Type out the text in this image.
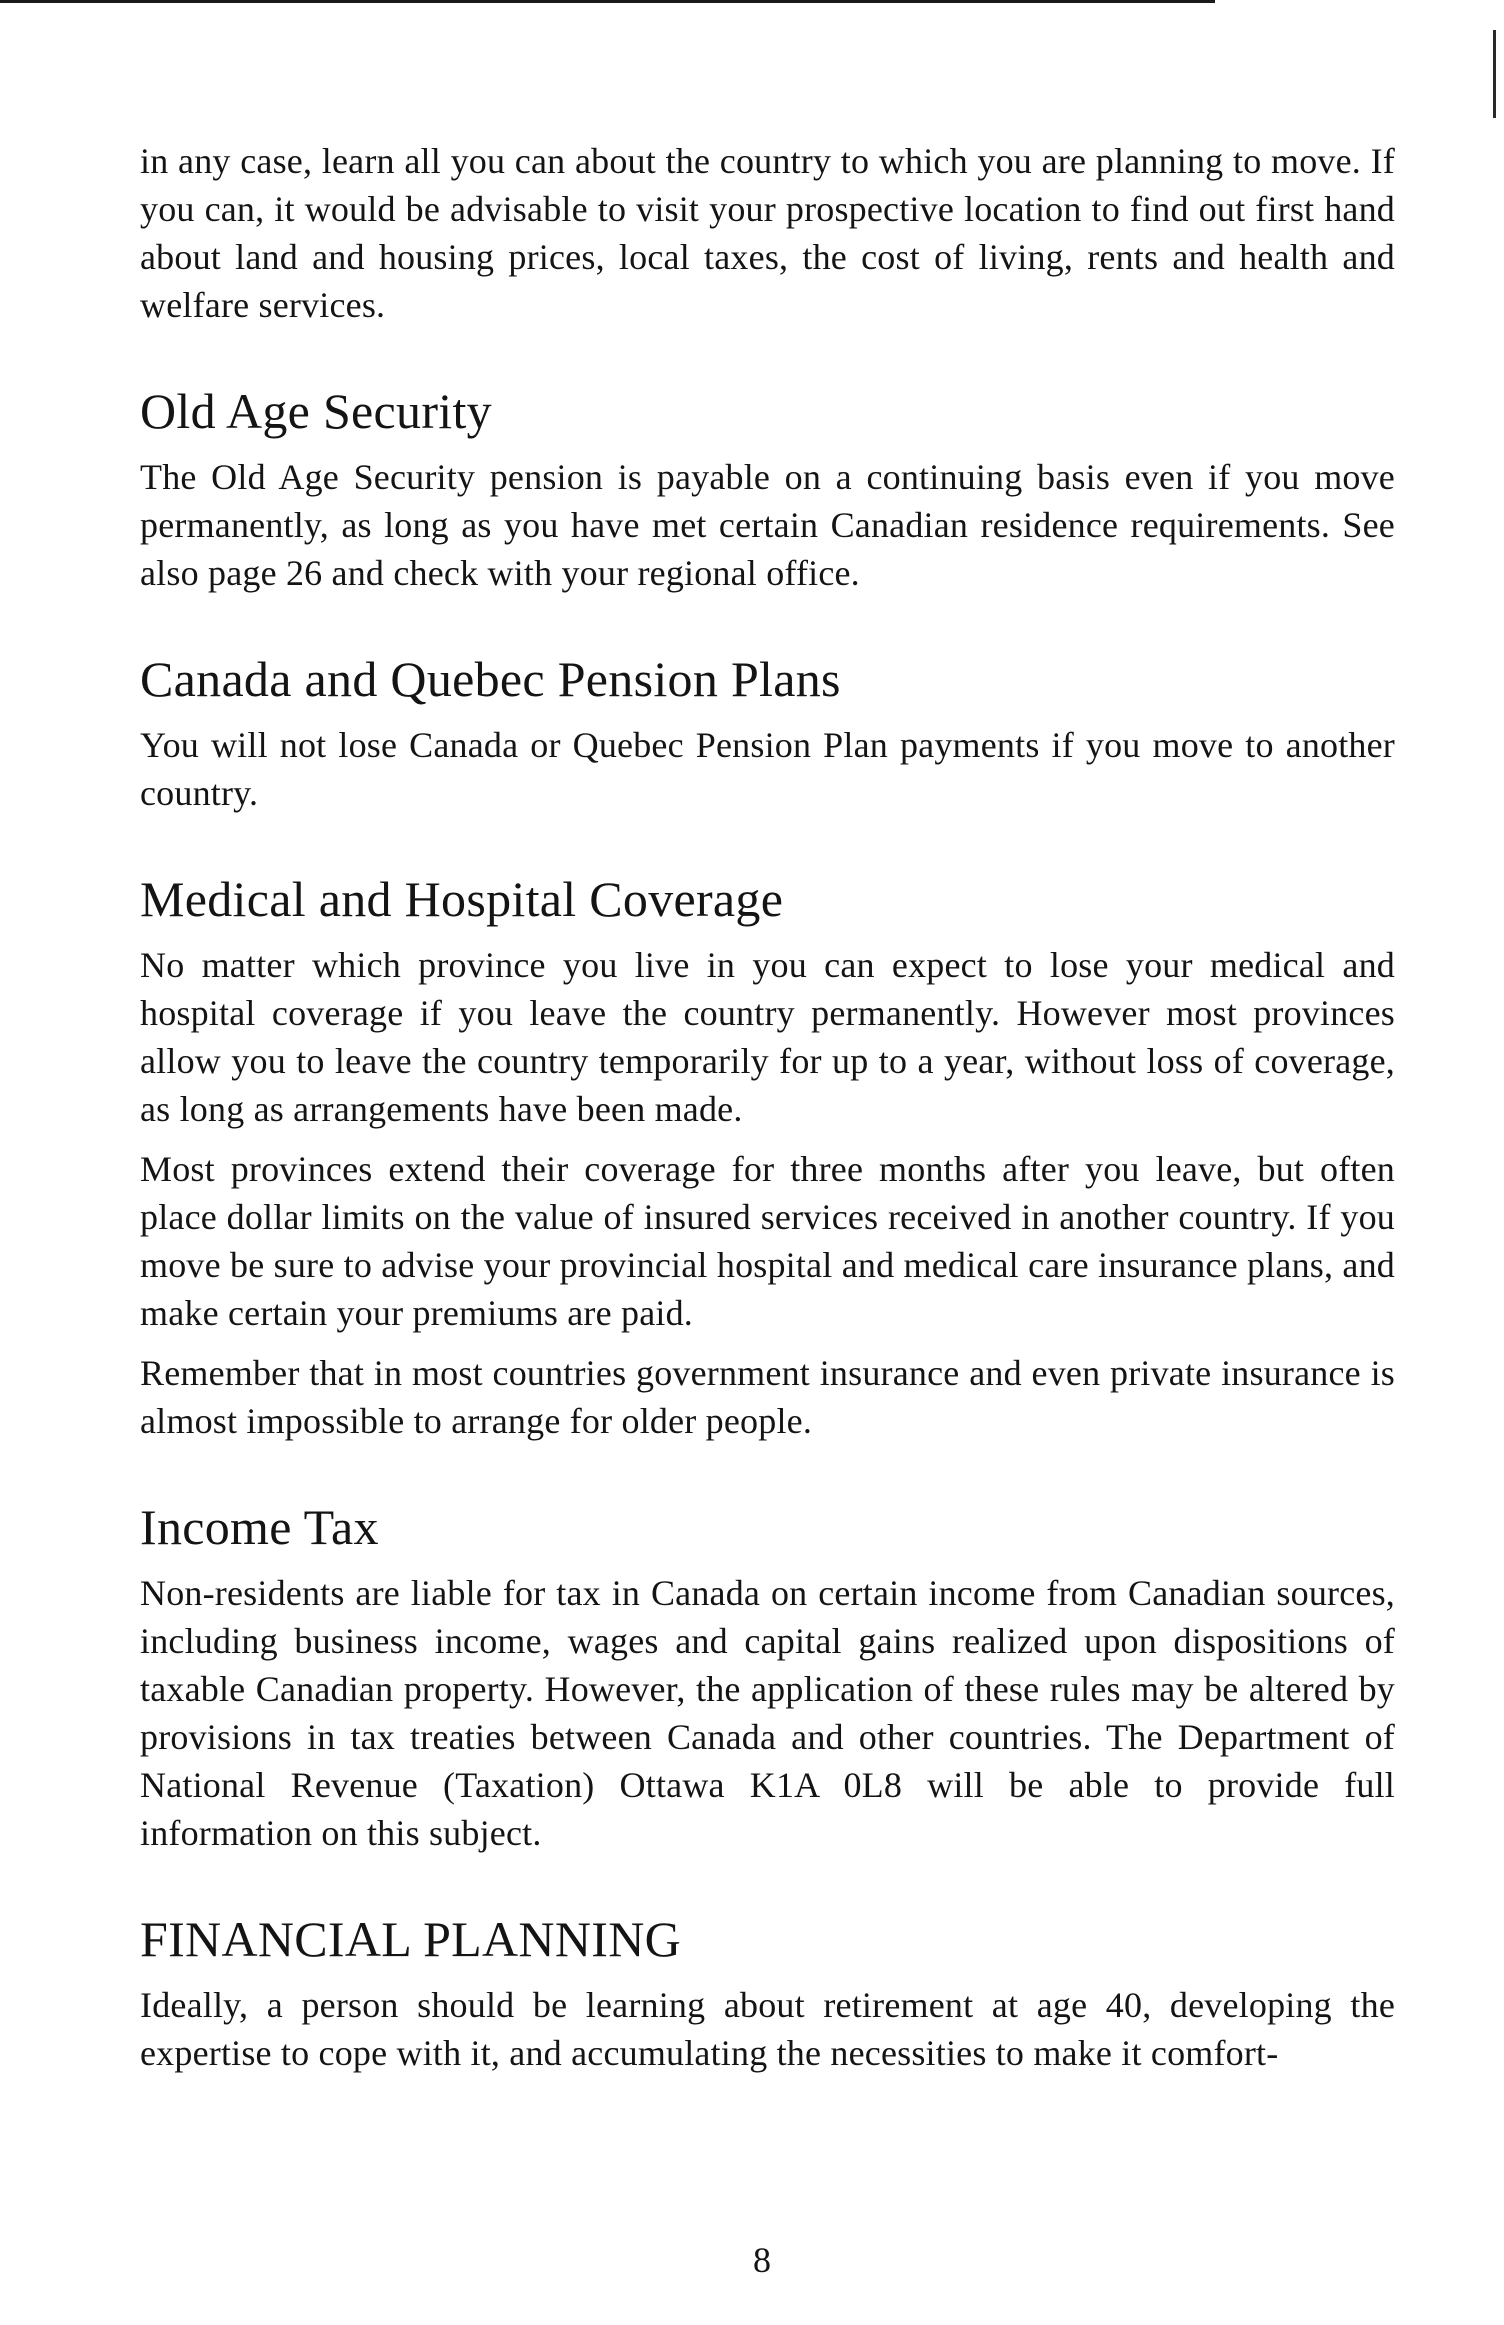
in any case, learn all you can about the country to which you are planning to move. If you can, it would be advisable to visit your prospective location to find out first hand about land and housing prices, local taxes, the cost of living, rents and health and welfare services.

Old Age Security

The Old Age Security pension is payable on a continuing basis even if you move permanently, as long as you have met certain Canadian residence requirements. See also page 26 and check with your regional office.

Canada and Quebec Pension Plans

You will not lose Canada or Quebec Pension Plan payments if you move to another country.

Medical and Hospital Coverage

No matter which province you live in you can expect to lose your medical and hospital coverage if you leave the country permanently. However most provinces allow you to leave the country temporarily for up to a year, without loss of coverage, as long as arrangements have been made.

Most provinces extend their coverage for three months after you leave, but often place dollar limits on the value of insured services received in another country. If you move be sure to advise your provincial hospital and medical care insurance plans, and make certain your premiums are paid.

Remember that in most countries government insurance and even private insurance is almost impossible to arrange for older people.

Income Tax

Non-residents are liable for tax in Canada on certain income from Canadian sources, including business income, wages and capital gains realized upon dispositions of taxable Canadian property. However, the application of these rules may be altered by provisions in tax treaties between Canada and other countries. The Department of National Revenue (Taxation) Ottawa K1A 0L8 will be able to provide full information on this subject.

FINANCIAL PLANNING

Ideally, a person should be learning about retirement at age 40, developing the expertise to cope with it, and accumulating the necessities to make it comfort-

8
